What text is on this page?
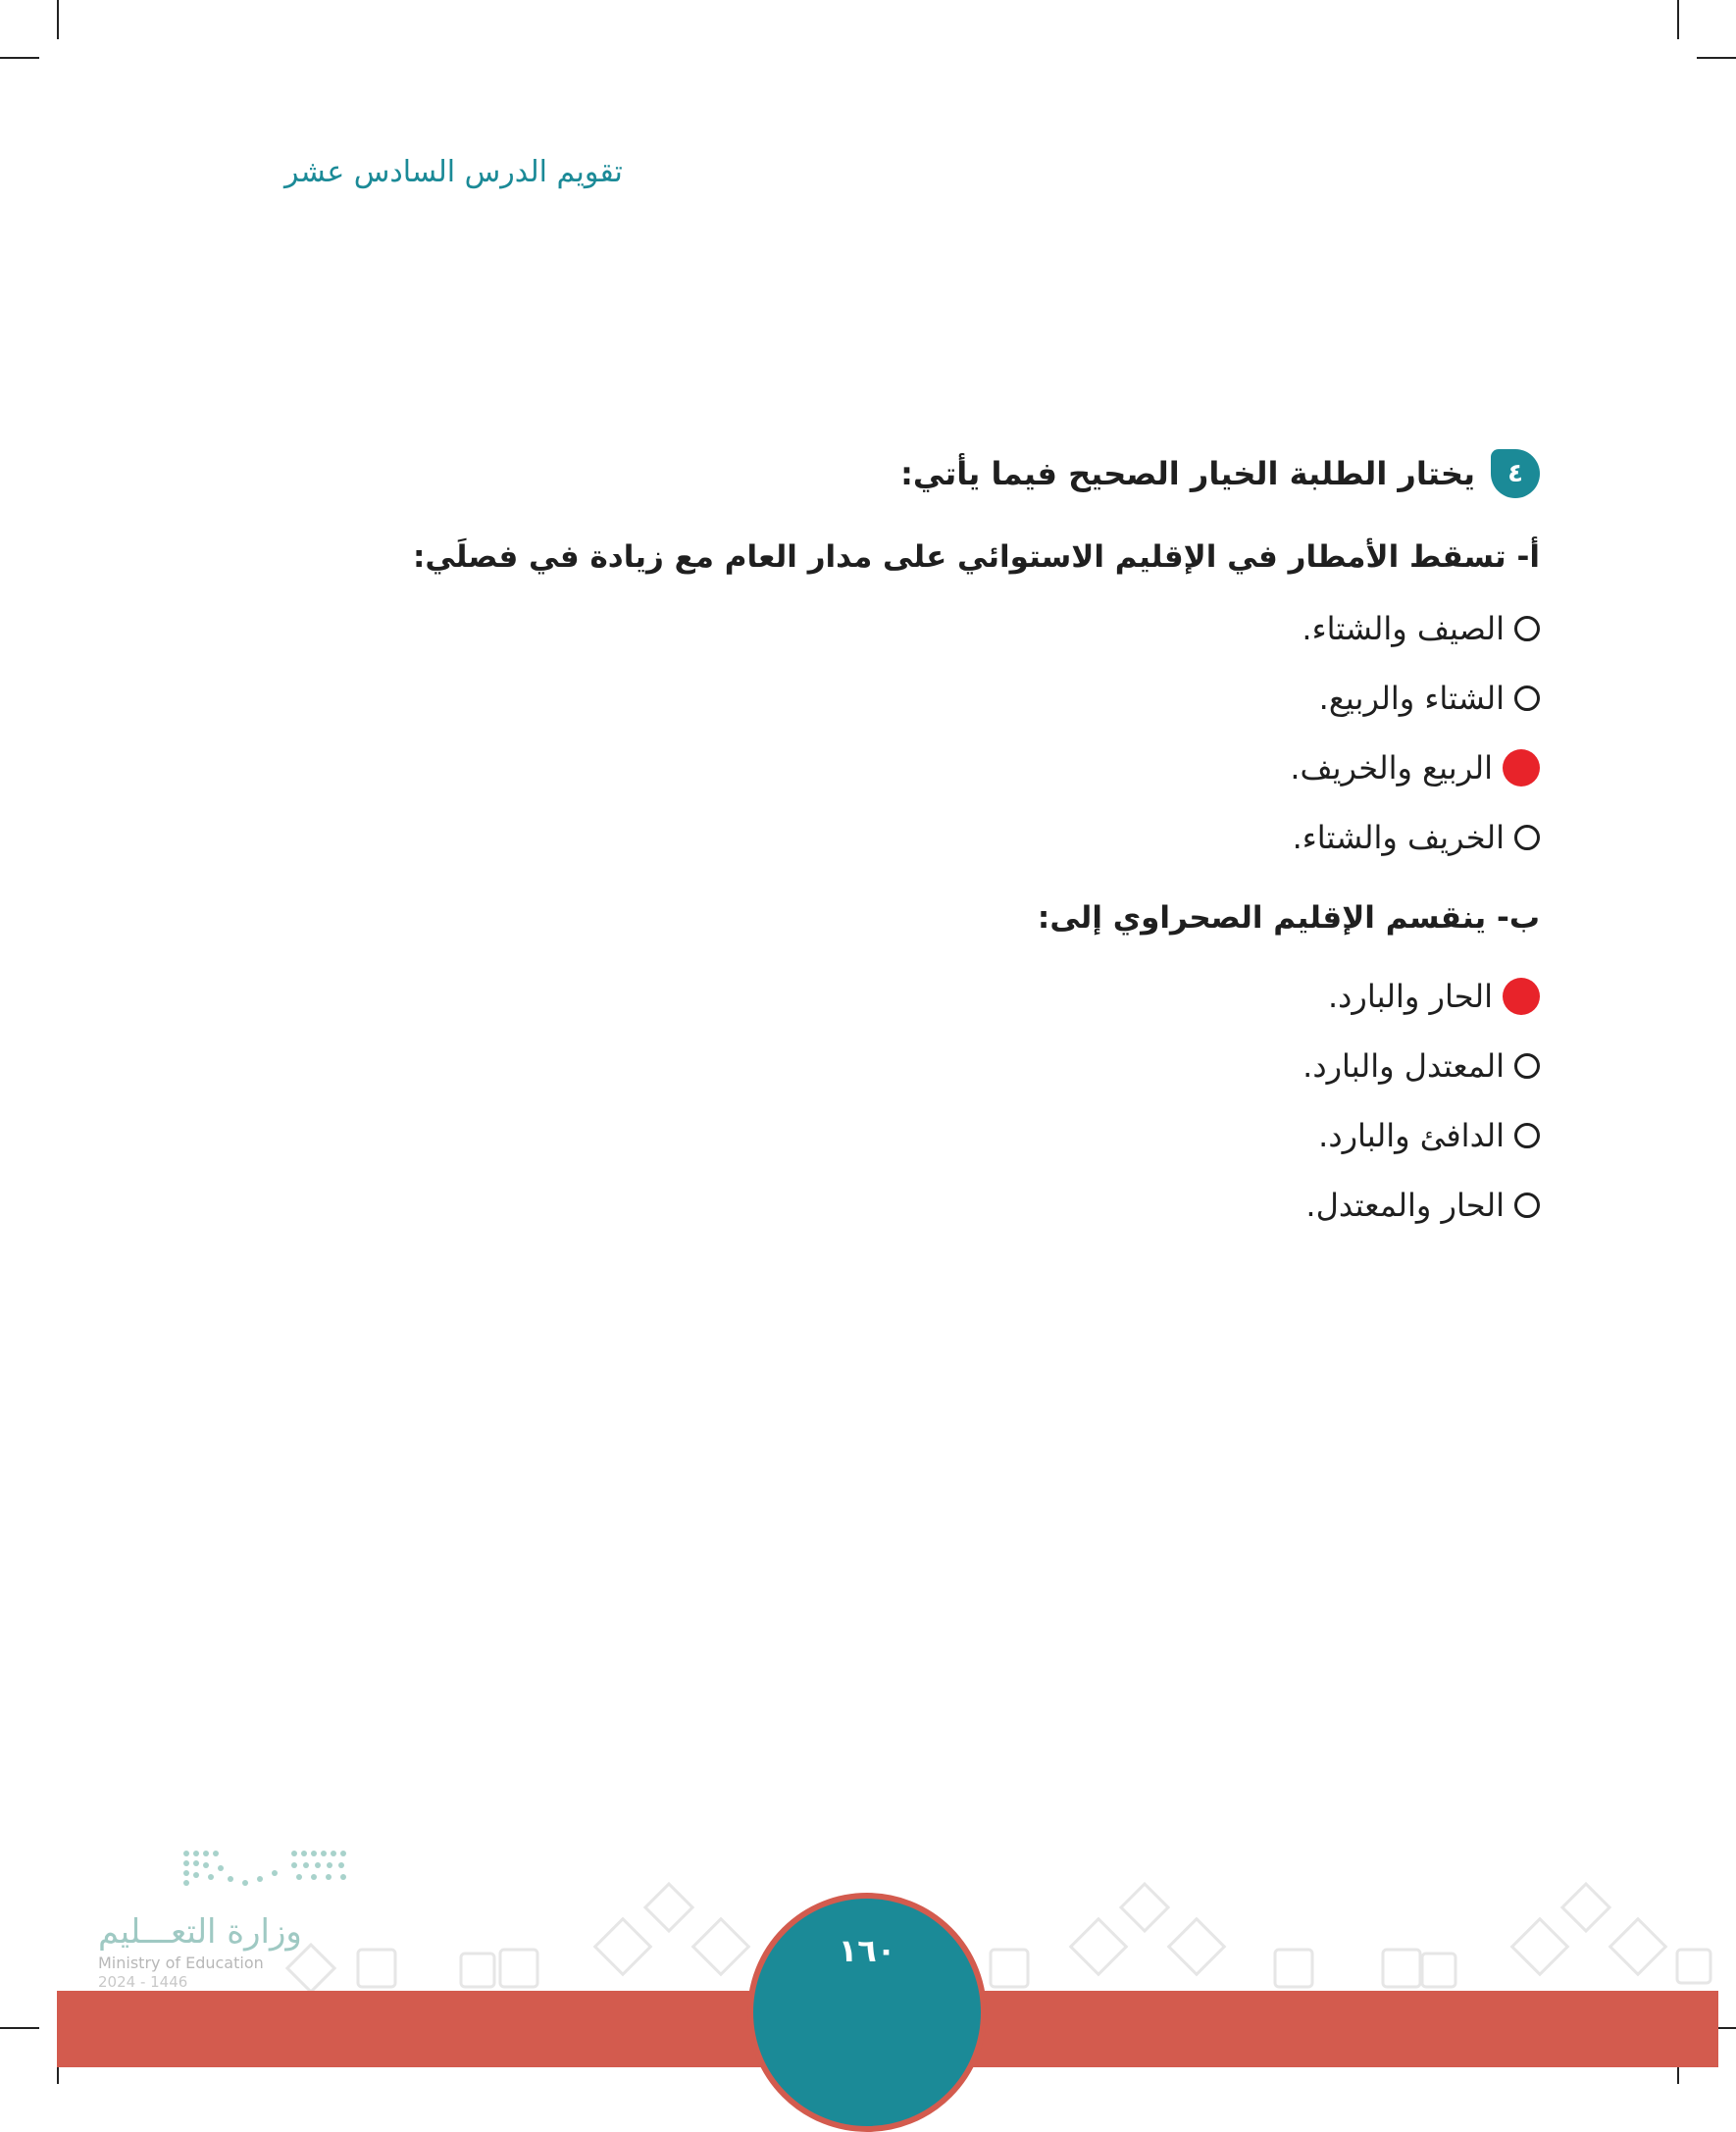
تقويم الدرس السادس عشر
٤
يختار الطلبة الخيار الصحيح فيما يأتي:
أ- تسقط الأمطار في الإقليم الاستوائي على مدار العام مع زيادة في فصلَي:
الصيف والشتاء.
الشتاء والربيع.
الربيع والخريف.
الخريف والشتاء.
ب- ينقسم الإقليم الصحراوي إلى:
الحار والبارد.
المعتدل والبارد.
الدافئ والبارد.
الحار والمعتدل.
١٦٠
وزارة التعـــليم
Ministry of Education
2024 - 1446
